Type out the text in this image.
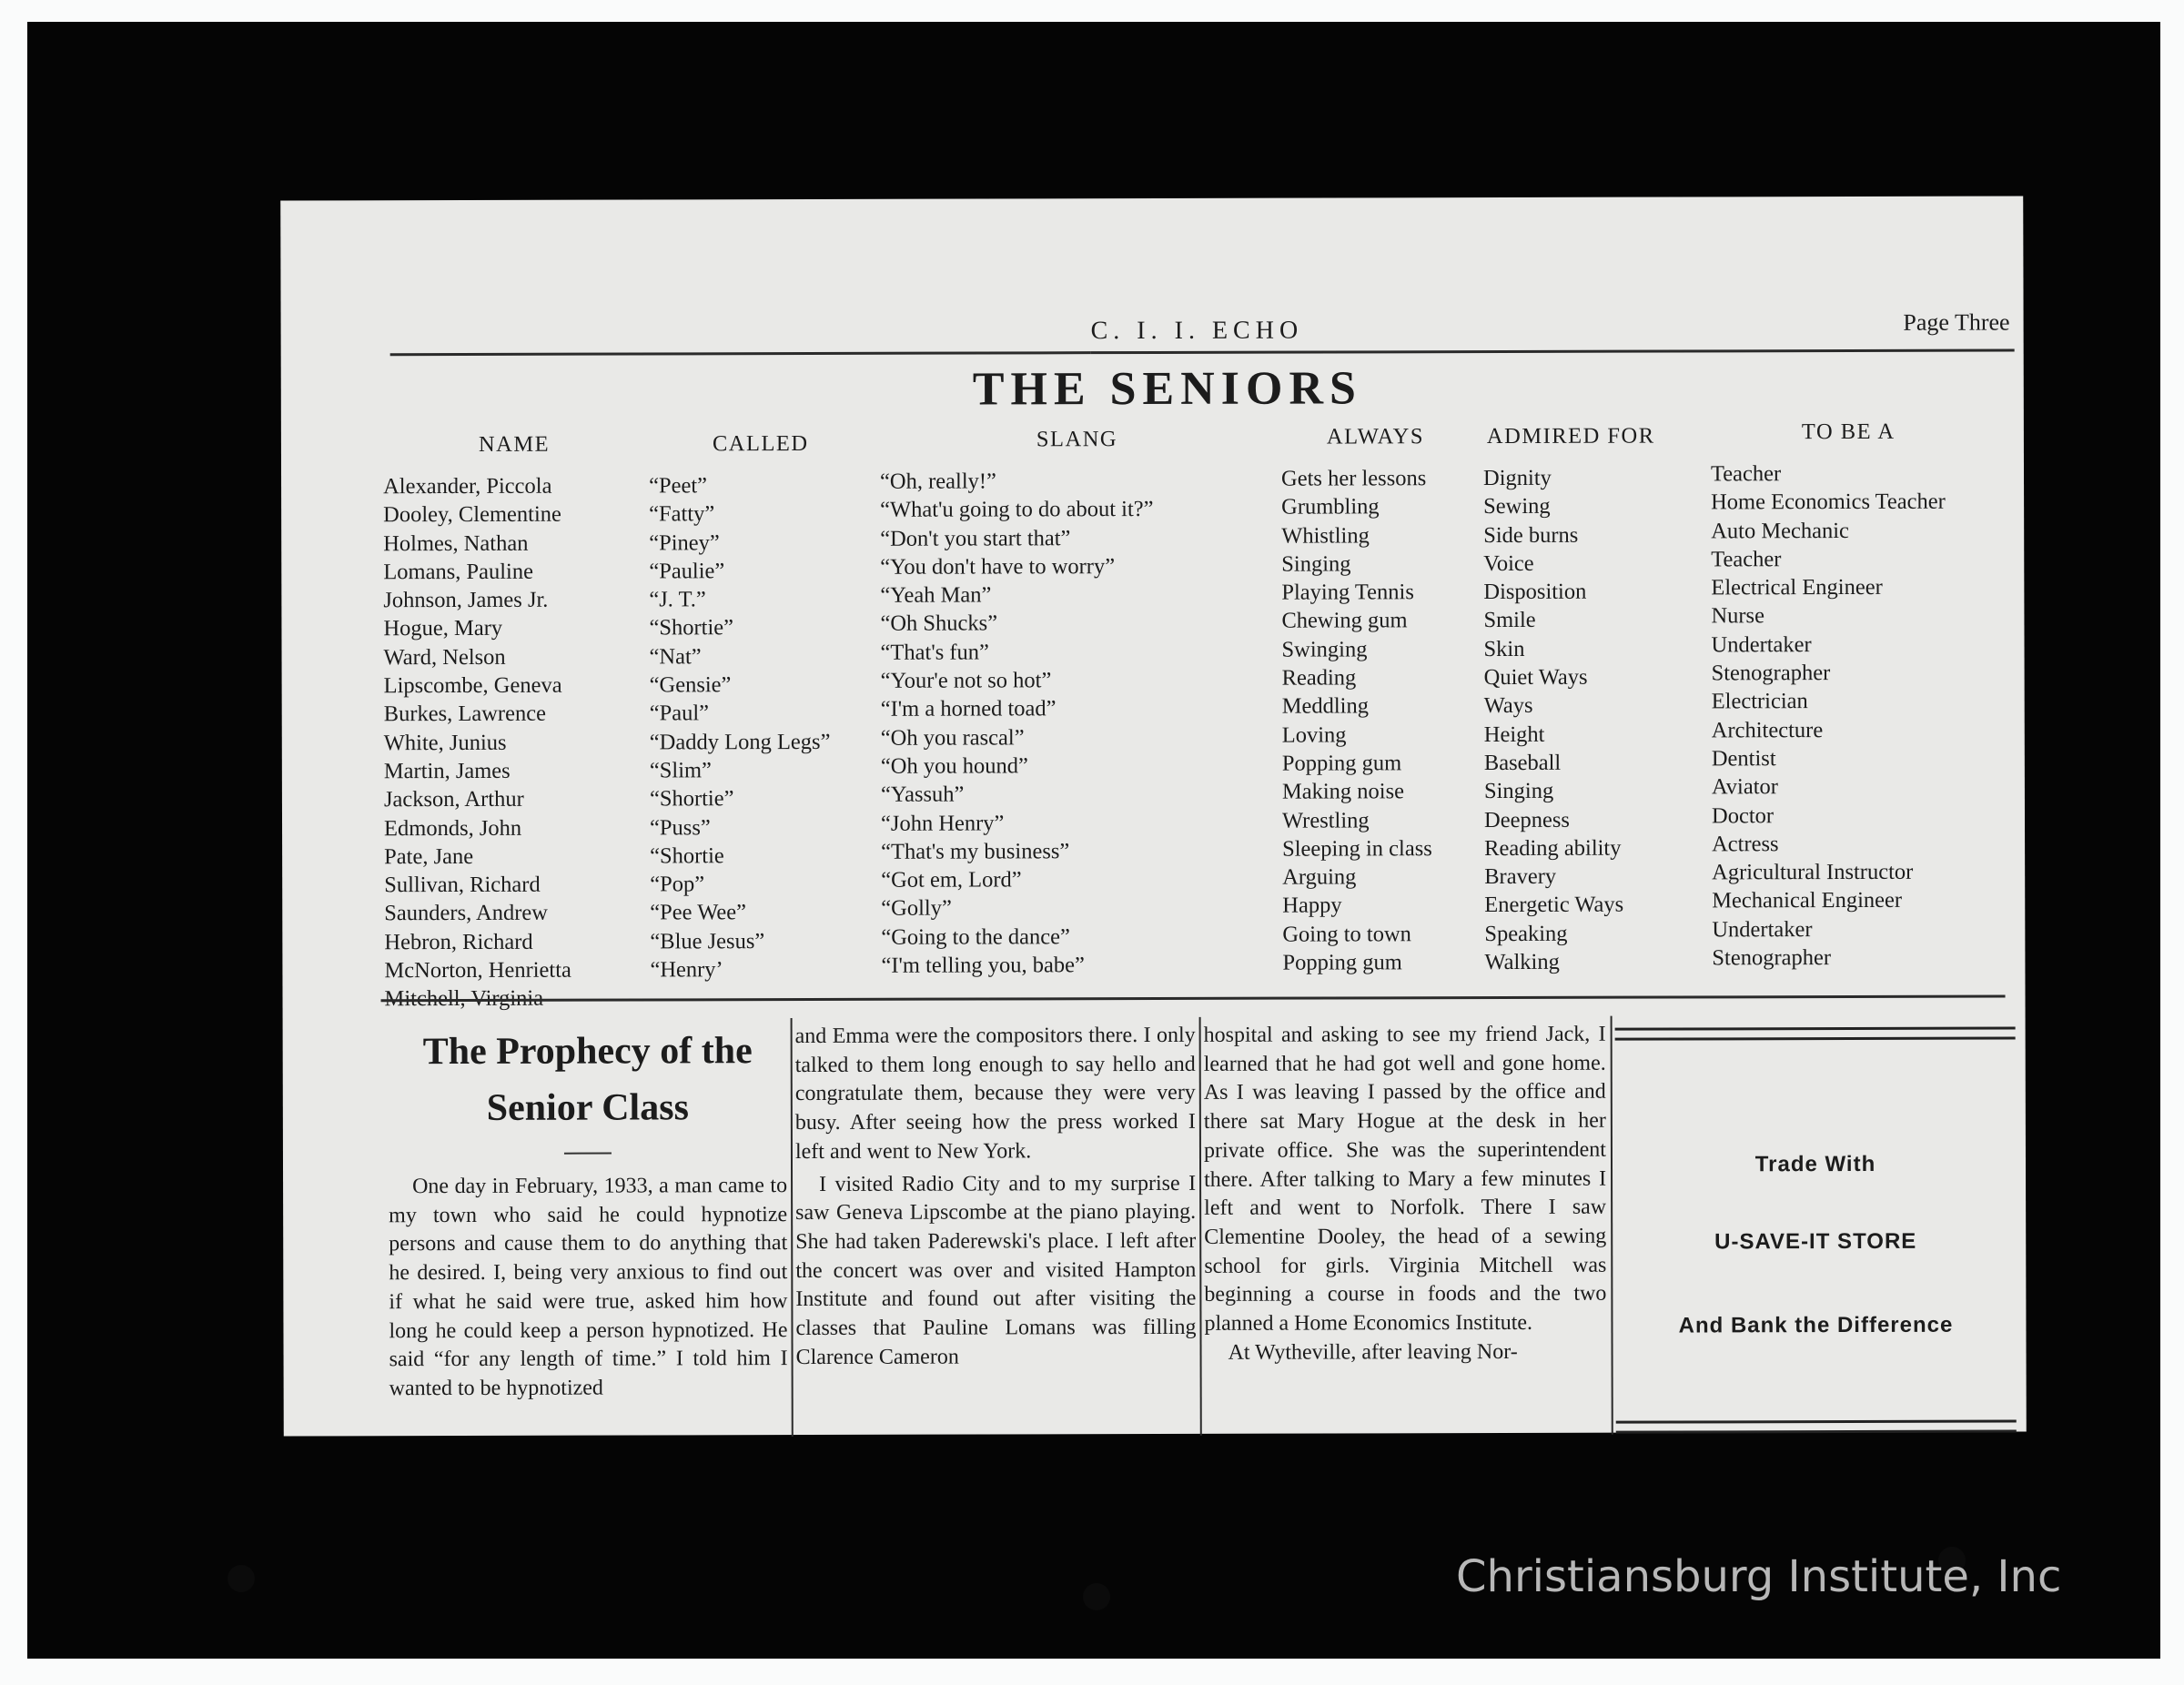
C. I. I. ECHO	Page Three
THE SENIORS
NAME
Alexander, Piccola
Dooley, Clementine
Holmes, Nathan
Lomans, Pauline
Johnson, James Jr.
Hogue, Mary
Ward, Nelson
Lipscombe, Geneva
Burkes, Lawrence
White, Junius
Martin, James
Jackson, Arthur
Edmonds, John
Pate, Jane
Sullivan, Richard
Saunders, Andrew
Hebron, Richard
McNorton, Henrietta
Mitchell, Virginia
CALLED
“Peet”
“Fatty”
“Piney”
“Paulie”
“J. T.”
“Shortie”
“Nat”
“Gensie”
“Paul”
“Daddy Long Legs”
“Slim”
“Shortie”
“Puss”
“Shortie
“Pop”
“Pee Wee”
“Blue Jesus”
“Henry’
SLANG
“Oh, really!”
“What'u going to do about it?”
“Don't you start that”
“You don't have to worry”
“Yeah Man”
“Oh Shucks”
“That's fun”
“Your'e not so hot”
“I'm a horned toad”
“Oh you rascal”
“Oh you hound”
“Yassuh”
“John Henry”
“That's my business”
“Got em, Lord”
“Golly”
“Going to the dance”
“I'm telling you, babe”
ALWAYS
Gets her lessons
Grumbling
Whistling
Singing
Playing Tennis
Chewing gum
Swinging
Reading
Meddling
Loving
Popping gum
Making noise
Wrestling
Sleeping in class
Arguing
Happy
Going to town
Popping gum
ADMIRED FOR
Dignity
Sewing
Side burns
Voice
Disposition
Smile
Skin
Quiet Ways
Ways
Height
Baseball
Singing
Deepness
Reading ability
Bravery
Energetic Ways
Speaking
Walking
TO BE A
Teacher
Home Economics Teacher
Auto Mechanic
Teacher
Electrical Engineer
Nurse
Undertaker
Stenographer
Electrician
Architecture
Dentist
Aviator
Doctor
Actress
Agricultural Instructor
Mechanical Engineer
Undertaker
Stenographer
The Prophecy of the
Senior Class

One day in February, 1933, a man came to my town who said he could hypnotize persons and cause them to do anything that he desired. I, being very anxious to find out if what he said were true, asked him how long he could keep a person hypnotized. He said “for any length of time.” I told him I wanted to be hypnotized

and Emma were the compositors there. I only talked to them long enough to say hello and congratulate them, because they were very busy. After seeing how the press worked I left and went to New York.

I visited Radio City and to my surprise I saw Geneva Lipscombe at the piano playing. She had taken Paderewski's place. I left after the concert was over and visited Hampton Institute and found out after visiting the classes that Pauline Lomans was filling Clarence Cameron

hospital and asking to see my friend Jack, I learned that he had got well and gone home. As I was leaving I passed by the office and there sat Mary Hogue at the desk in her private office. She was the superintendent there. After talking to Mary a few minutes I left and went to Norfolk. There I saw Clementine Dooley, the head of a sewing school for girls. Virginia Mitchell was beginning a course in foods and the two planned a Home Economics Institute.

At Wytheville, after leaving Nor-

Trade With
U-SAVE-IT STORE
And Bank the Difference
Christiansburg Institute, Inc
